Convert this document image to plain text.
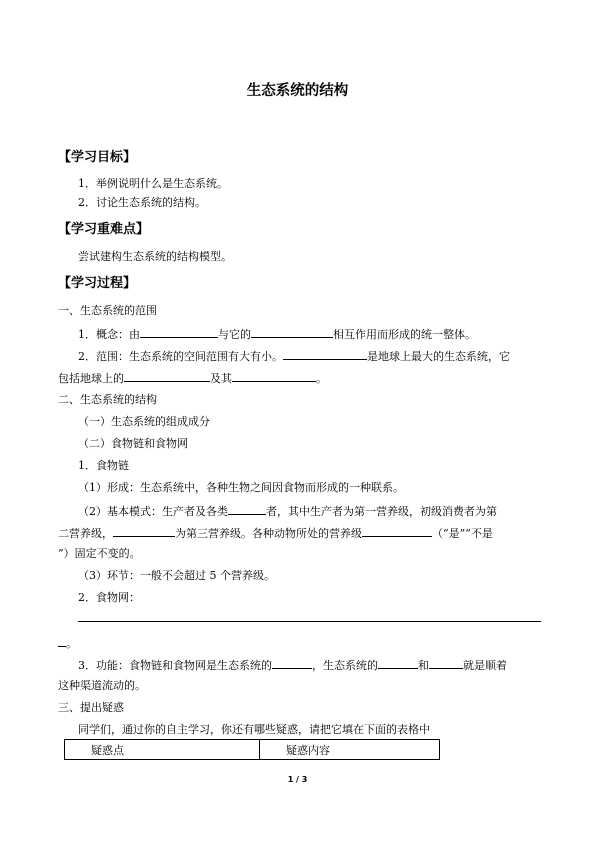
生态系统的结构
【学习目标】
1．举例说明什么是生态系统。
2．讨论生态系统的结构。
【学习重难点】
尝试建构生态系统的结构模型。
【学习过程】
一、生态系统的范围
1．概念：由	与它的	相互作用而形成的统一整体。
2．范围：生态系统的空间范围有大有小。	是地球上最大的生态系统，它
包括地球上的	及其	。
二、生态系统的结构
（一）生态系统的组成成分
（二）食物链和食物网
1．食物链
（1）形成：生态系统中，各种生物之间因食物而形成的一种联系。
（2）基本模式：生产者及各类	者，其中生产者为第一营养级，初级消费者为第
二营养级，	为第三营养级。各种动物所处的营养级	（“是”“不是
”）固定不变的。
（3）环节：一般不会超过 5 个营养级。
2．食物网：
。
3．功能：食物链和食物网是生态系统的	，生态系统的	和	就是顺着
这种渠道流动的。
三、提出疑惑
同学们，通过你的自主学习，你还有哪些疑惑，请把它填在下面的表格中
疑惑点	疑惑内容
1 / 3
